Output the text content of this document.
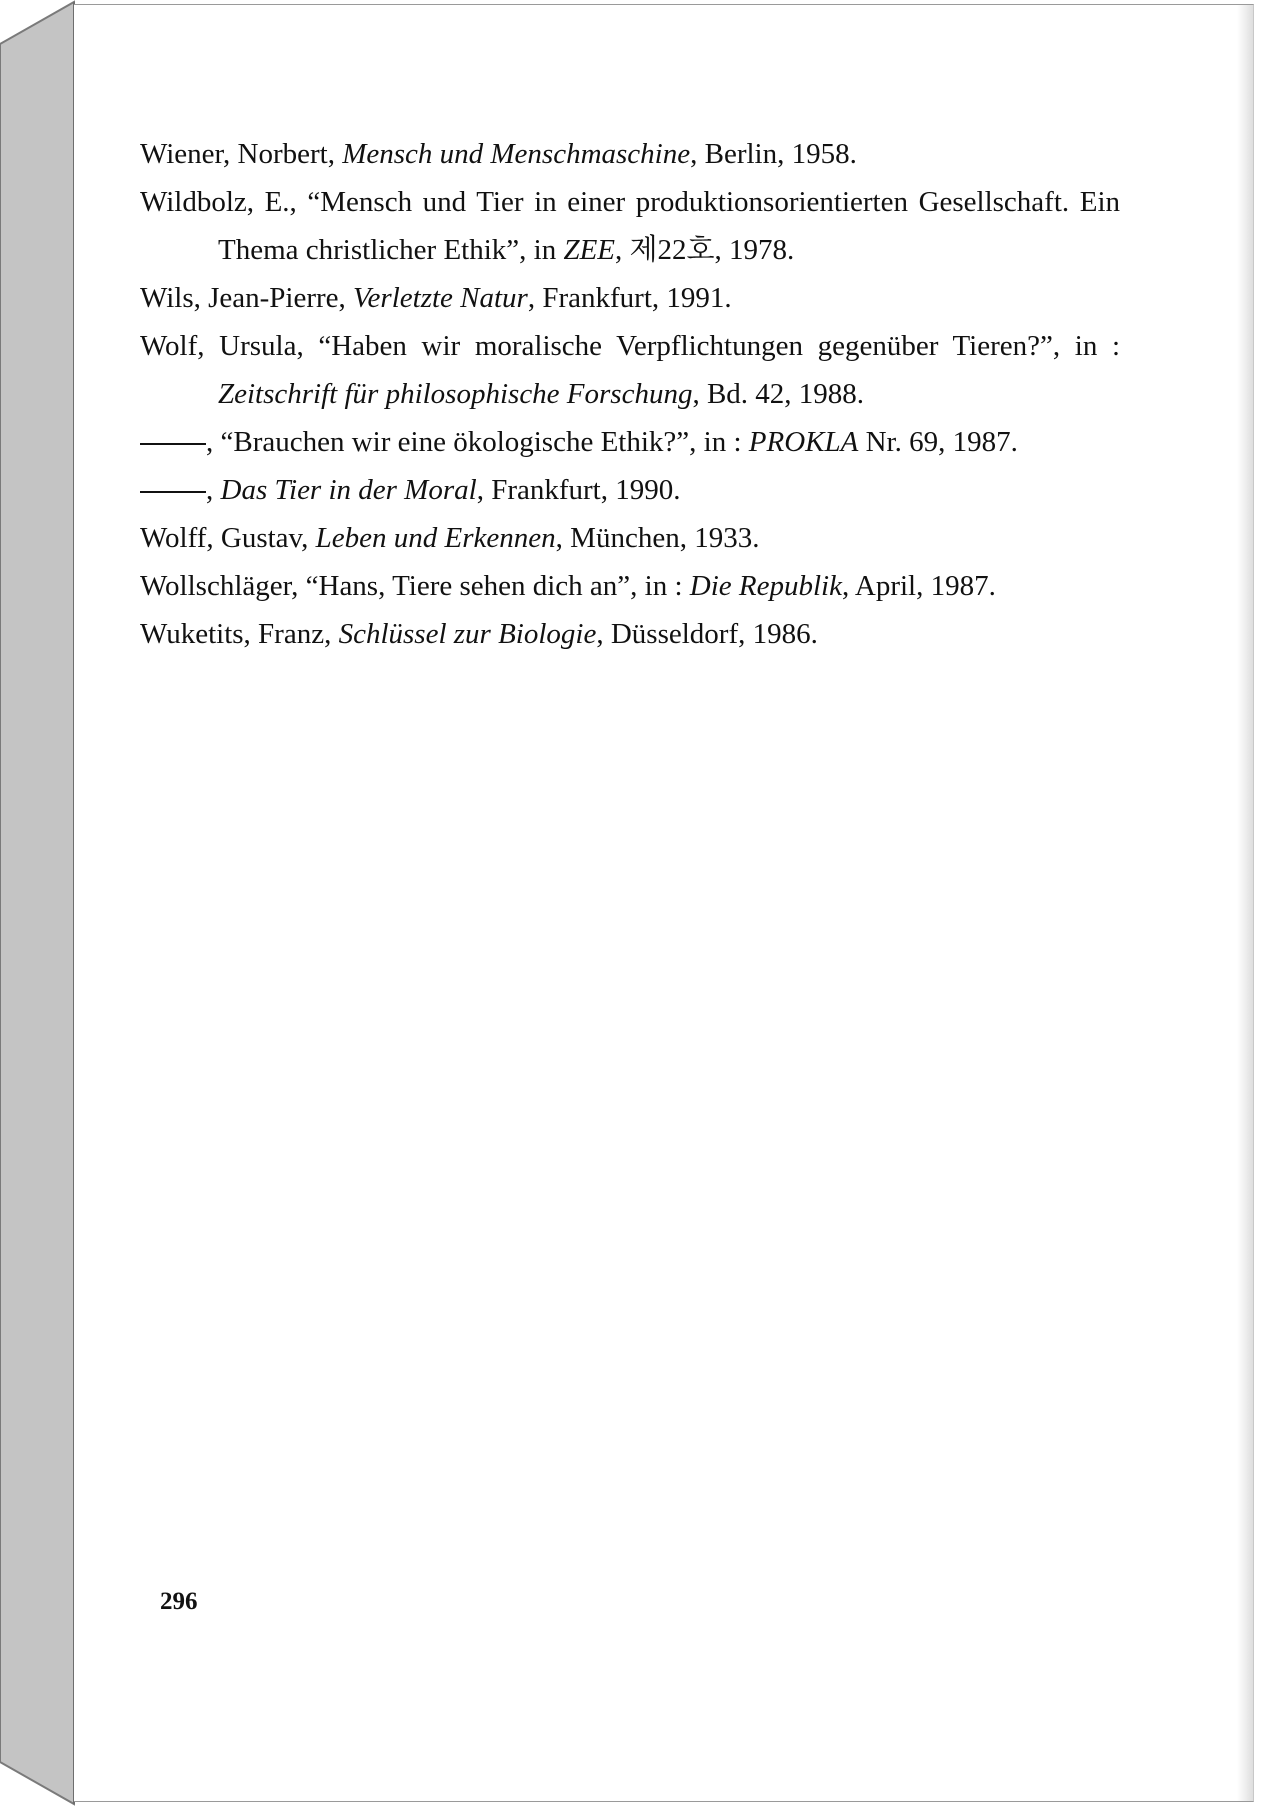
Wiener, Norbert, Mensch und Menschmaschine, Berlin, 1958.

Wildbolz, E., “Mensch und Tier in einer produktionsorientierten Gesellschaft. Ein Thema christlicher Ethik”, in ZEE, 제22호, 1978.

Wils, Jean-Pierre, Verletzte Natur, Frankfurt, 1991.

Wolf, Ursula, “Haben wir moralische Verpflichtungen gegenüber Tieren?”, in : Zeitschrift für philosophische Forschung, Bd. 42, 1988.

, “Brauchen wir eine ökologische Ethik?”, in : PROKLA Nr. 69, 1987.

, Das Tier in der Moral, Frankfurt, 1990.

Wolff, Gustav, Leben und Erkennen, München, 1933.

Wollschläger, “Hans, Tiere sehen dich an”, in : Die Republik, April, 1987.

Wuketits, Franz, Schlüssel zur Biologie, Düsseldorf, 1986.

296
